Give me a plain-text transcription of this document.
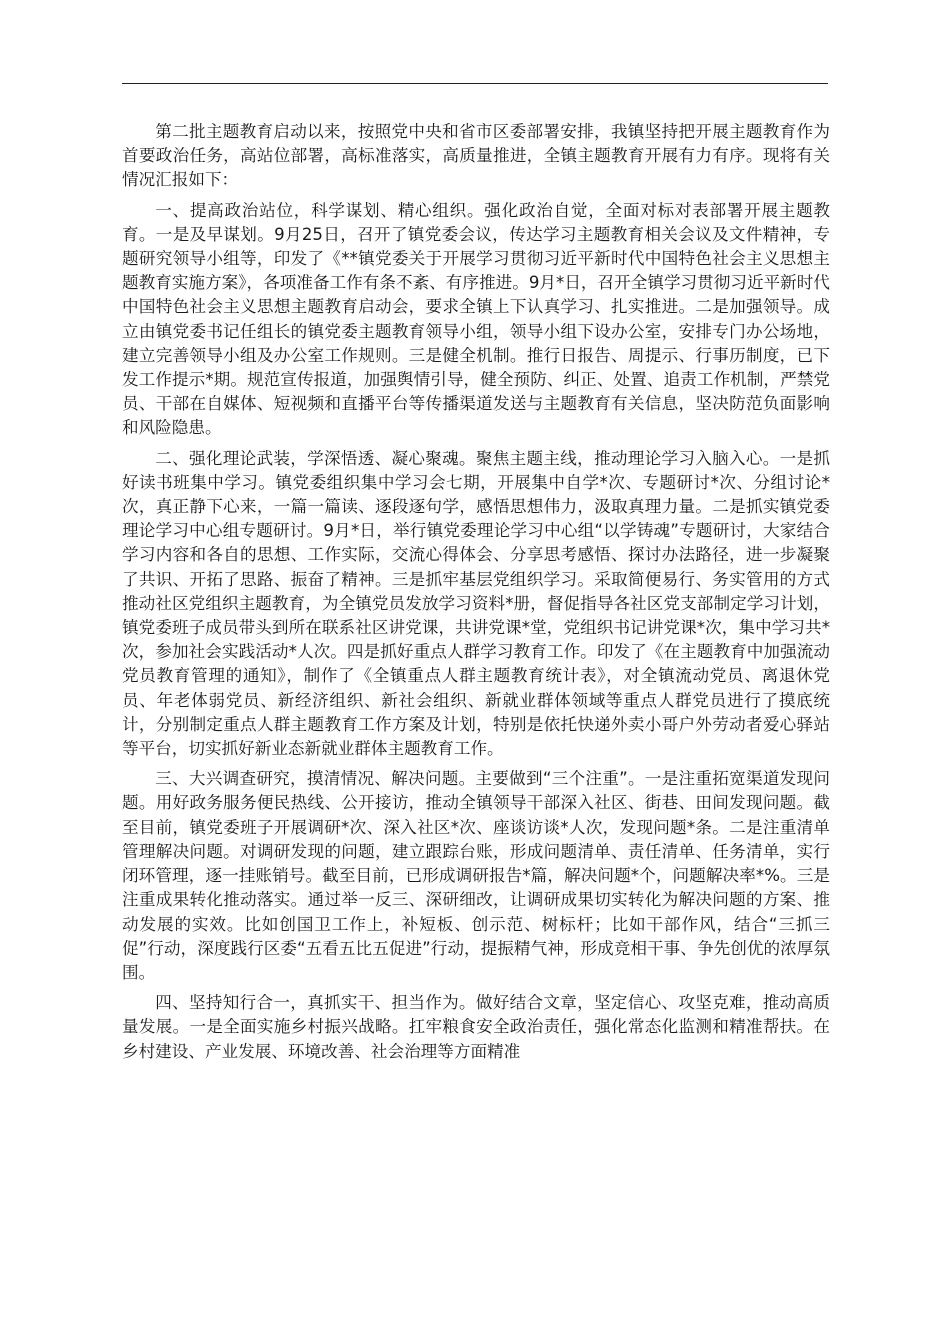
第二批主题教育启动以来，按照党中央和省市区委部署安排，我镇坚持把开展主题教育作为首要政治任务，高站位部署，高标准落实，高质量推进，全镇主题教育开展有力有序。现将有关情况汇报如下：

一、提高政治站位，科学谋划、精心组织。强化政治自觉，全面对标对表部署开展主题教育。一是及早谋划。9月25日，召开了镇党委会议，传达学习主题教育相关会议及文件精神，专题研究领导小组等，印发了《**镇党委关于开展学习贯彻习近平新时代中国特色社会主义思想主题教育实施方案》，各项准备工作有条不紊、有序推进。9月*日，召开全镇学习贯彻习近平新时代中国特色社会主义思想主题教育启动会，要求全镇上下认真学习、扎实推进。二是加强领导。成立由镇党委书记任组长的镇党委主题教育领导小组，领导小组下设办公室，安排专门办公场地，建立完善领导小组及办公室工作规则。三是健全机制。推行日报告、周提示、行事历制度，已下发工作提示*期。规范宣传报道，加强舆情引导，健全预防、纠正、处置、追责工作机制，严禁党员、干部在自媒体、短视频和直播平台等传播渠道发送与主题教育有关信息，坚决防范负面影响和风险隐患。

二、强化理论武装，学深悟透、凝心聚魂。聚焦主题主线，推动理论学习入脑入心。一是抓好读书班集中学习。镇党委组织集中学习会七期，开展集中自学*次、专题研讨*次、分组讨论*次，真正静下心来，一篇一篇读、逐段逐句学，感悟思想伟力，汲取真理力量。二是抓实镇党委理论学习中心组专题研讨。9月*日，举行镇党委理论学习中心组“以学铸魂”专题研讨，大家结合学习内容和各自的思想、工作实际，交流心得体会、分享思考感悟、探讨办法路径，进一步凝聚了共识、开拓了思路、振奋了精神。三是抓牢基层党组织学习。采取简便易行、务实管用的方式推动社区党组织主题教育，为全镇党员发放学习资料*册，督促指导各社区党支部制定学习计划，镇党委班子成员带头到所在联系社区讲党课，共讲党课*堂，党组织书记讲党课*次，集中学习共*次，参加社会实践活动*人次。四是抓好重点人群学习教育工作。印发了《在主题教育中加强流动党员教育管理的通知》，制作了《全镇重点人群主题教育统计表》，对全镇流动党员、离退休党员、年老体弱党员、新经济组织、新社会组织、新就业群体领域等重点人群党员进行了摸底统计，分别制定重点人群主题教育工作方案及计划，特别是依托快递外卖小哥户外劳动者爱心驿站等平台，切实抓好新业态新就业群体主题教育工作。

三、大兴调查研究，摸清情况、解决问题。主要做到“三个注重”。一是注重拓宽渠道发现问题。用好政务服务便民热线、公开接访，推动全镇领导干部深入社区、街巷、田间发现问题。截至目前，镇党委班子开展调研*次、深入社区*次、座谈访谈*人次，发现问题*条。二是注重清单管理解决问题。对调研发现的问题，建立跟踪台账，形成问题清单、责任清单、任务清单，实行闭环管理，逐一挂账销号。截至目前，已形成调研报告*篇，解决问题*个，问题解决率*%。三是注重成果转化推动落实。通过举一反三、深研细改，让调研成果切实转化为解决问题的方案、推动发展的实效。比如创国卫工作上，补短板、创示范、树标杆；比如干部作风，结合“三抓三促”行动，深度践行区委“五看五比五促进”行动，提振精气神，形成竞相干事、争先创优的浓厚氛围。

四、坚持知行合一，真抓实干、担当作为。做好结合文章，坚定信心、攻坚克难，推动高质量发展。一是全面实施乡村振兴战略。扛牢粮食安全政治责任，强化常态化监测和精准帮扶。在乡村建设、产业发展、环境改善、社会治理等方面精准
